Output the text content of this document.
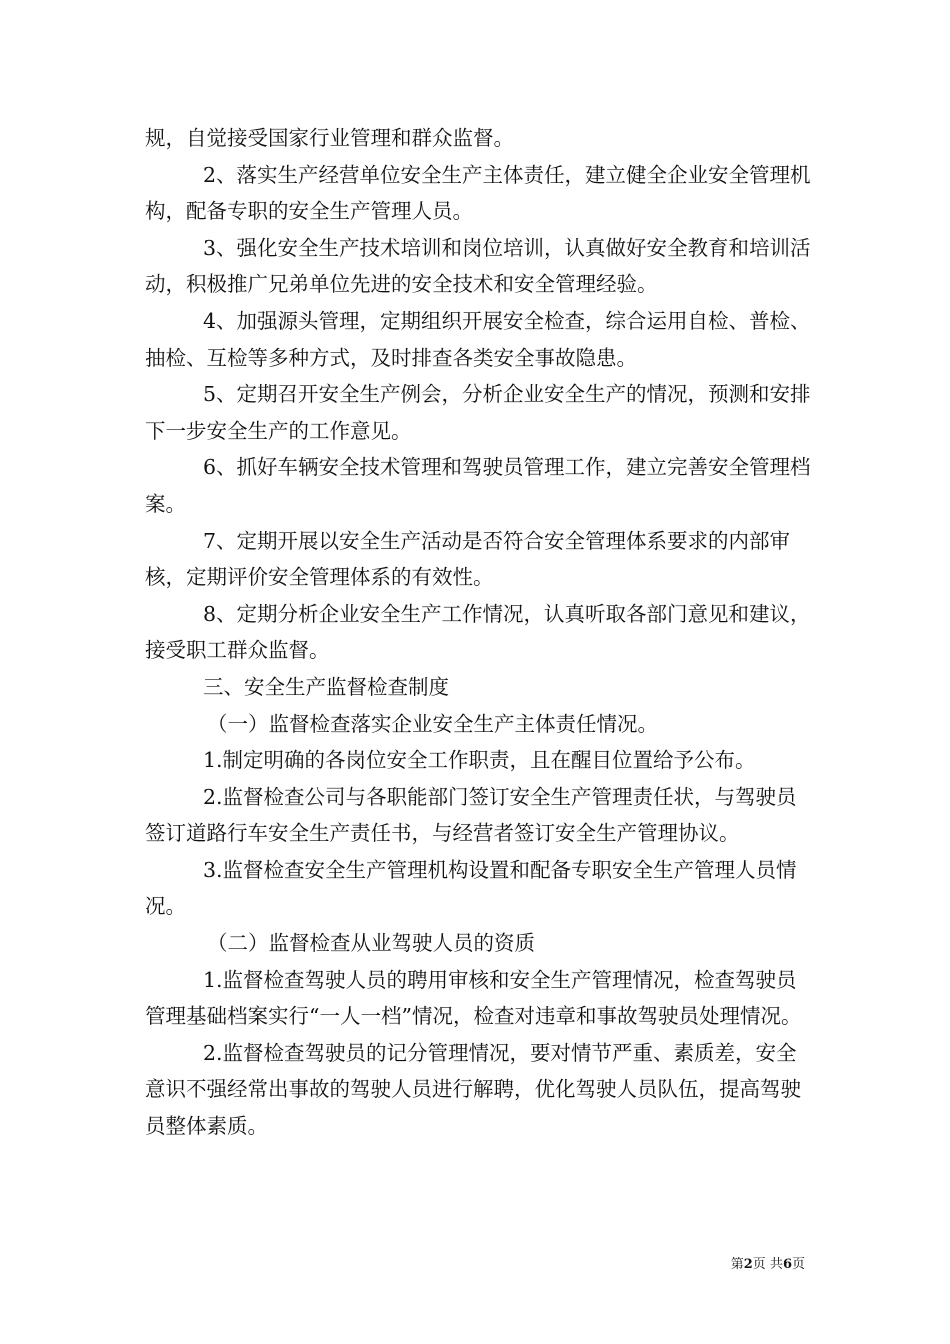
规，自觉接受国家行业管理和群众监督。

2、落实生产经营单位安全生产主体责任，建立健全企业安全管理机构，配备专职的安全生产管理人员。

3、强化安全生产技术培训和岗位培训，认真做好安全教育和培训活动，积极推广兄弟单位先进的安全技术和安全管理经验。

4、加强源头管理，定期组织开展安全检查，综合运用自检、普检、抽检、互检等多种方式，及时排查各类安全事故隐患。

5、定期召开安全生产例会，分析企业安全生产的情况，预测和安排下一步安全生产的工作意见。

6、抓好车辆安全技术管理和驾驶员管理工作，建立完善安全管理档案。

7、定期开展以安全生产活动是否符合安全管理体系要求的内部审核，定期评价安全管理体系的有效性。

8、定期分析企业安全生产工作情况，认真听取各部门意见和建议，接受职工群众监督。

三、安全生产监督检查制度

（一）监督检查落实企业安全生产主体责任情况。

1.制定明确的各岗位安全工作职责，且在醒目位置给予公布。

2.监督检查公司与各职能部门签订安全生产管理责任状，与驾驶员签订道路行车安全生产责任书，与经营者签订安全生产管理协议。

3.监督检查安全生产管理机构设置和配备专职安全生产管理人员情况。

（二）监督检查从业驾驶人员的资质

1.监督检查驾驶人员的聘用审核和安全生产管理情况，检查驾驶员管理基础档案实行“一人一档”情况，检查对违章和事故驾驶员处理情况。

2.监督检查驾驶员的记分管理情况，要对情节严重、素质差，安全意识不强经常出事故的驾驶人员进行解聘，优化驾驶人员队伍，提高驾驶员整体素质。

第2页 共6页
